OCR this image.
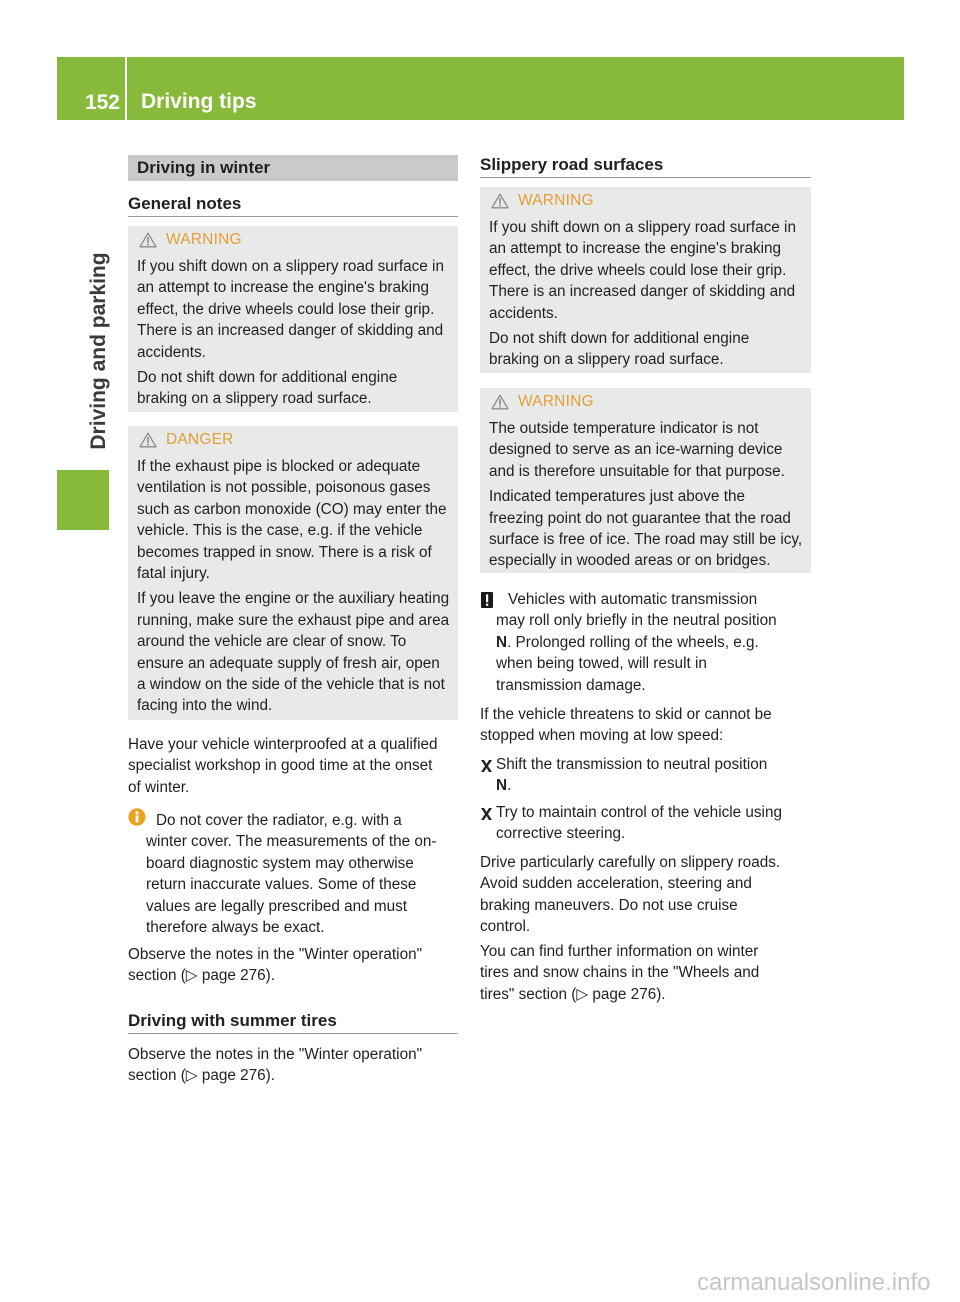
152 Driving tips
Driving and parking
Driving in winter
General notes
WARNING
If you shift down on a slippery road surface in
an attempt to increase the engine's braking
effect, the drive wheels could lose their grip.
There is an increased danger of skidding and
accidents.
Do not shift down for additional engine
braking on a slippery road surface.
DANGER
If the exhaust pipe is blocked or adequate
ventilation is not possible, poisonous gases
such as carbon monoxide (CO) may enter the
vehicle. This is the case, e.g. if the vehicle
becomes trapped in snow. There is a risk of
fatal injury.
If you leave the engine or the auxiliary heating
running, make sure the exhaust pipe and area
around the vehicle are clear of snow. To
ensure an adequate supply of fresh air, open
a window on the side of the vehicle that is not
facing into the wind.
Have your vehicle winterproofed at a qualified
specialist workshop in good time at the onset
of winter.
Do not cover the radiator, e.g. with a
winter cover. The measurements of the on-
board diagnostic system may otherwise
return inaccurate values. Some of these
values are legally prescribed and must
therefore always be exact.
Observe the notes in the "Winter operation"
section (▷ page 276).
Driving with summer tires
Observe the notes in the "Winter operation"
section (▷ page 276).
Slippery road surfaces
WARNING
If you shift down on a slippery road surface in
an attempt to increase the engine's braking
effect, the drive wheels could lose their grip.
There is an increased danger of skidding and
accidents.
Do not shift down for additional engine
braking on a slippery road surface.
WARNING
The outside temperature indicator is not
designed to serve as an ice-warning device
and is therefore unsuitable for that purpose.
Indicated temperatures just above the
freezing point do not guarantee that the road
surface is free of ice. The road may still be icy,
especially in wooded areas or on bridges.
Vehicles with automatic transmission
may roll only briefly in the neutral position
N. Prolonged rolling of the wheels, e.g.
when being towed, will result in
transmission damage.
If the vehicle threatens to skid or cannot be
stopped when moving at low speed:
Shift the transmission to neutral position
N.
Try to maintain control of the vehicle using
corrective steering.
Drive particularly carefully on slippery roads.
Avoid sudden acceleration, steering and
braking maneuvers. Do not use cruise
control.
You can find further information on winter
tires and snow chains in the "Wheels and
tires" section (▷ page 276).
carmanualsonline.info
